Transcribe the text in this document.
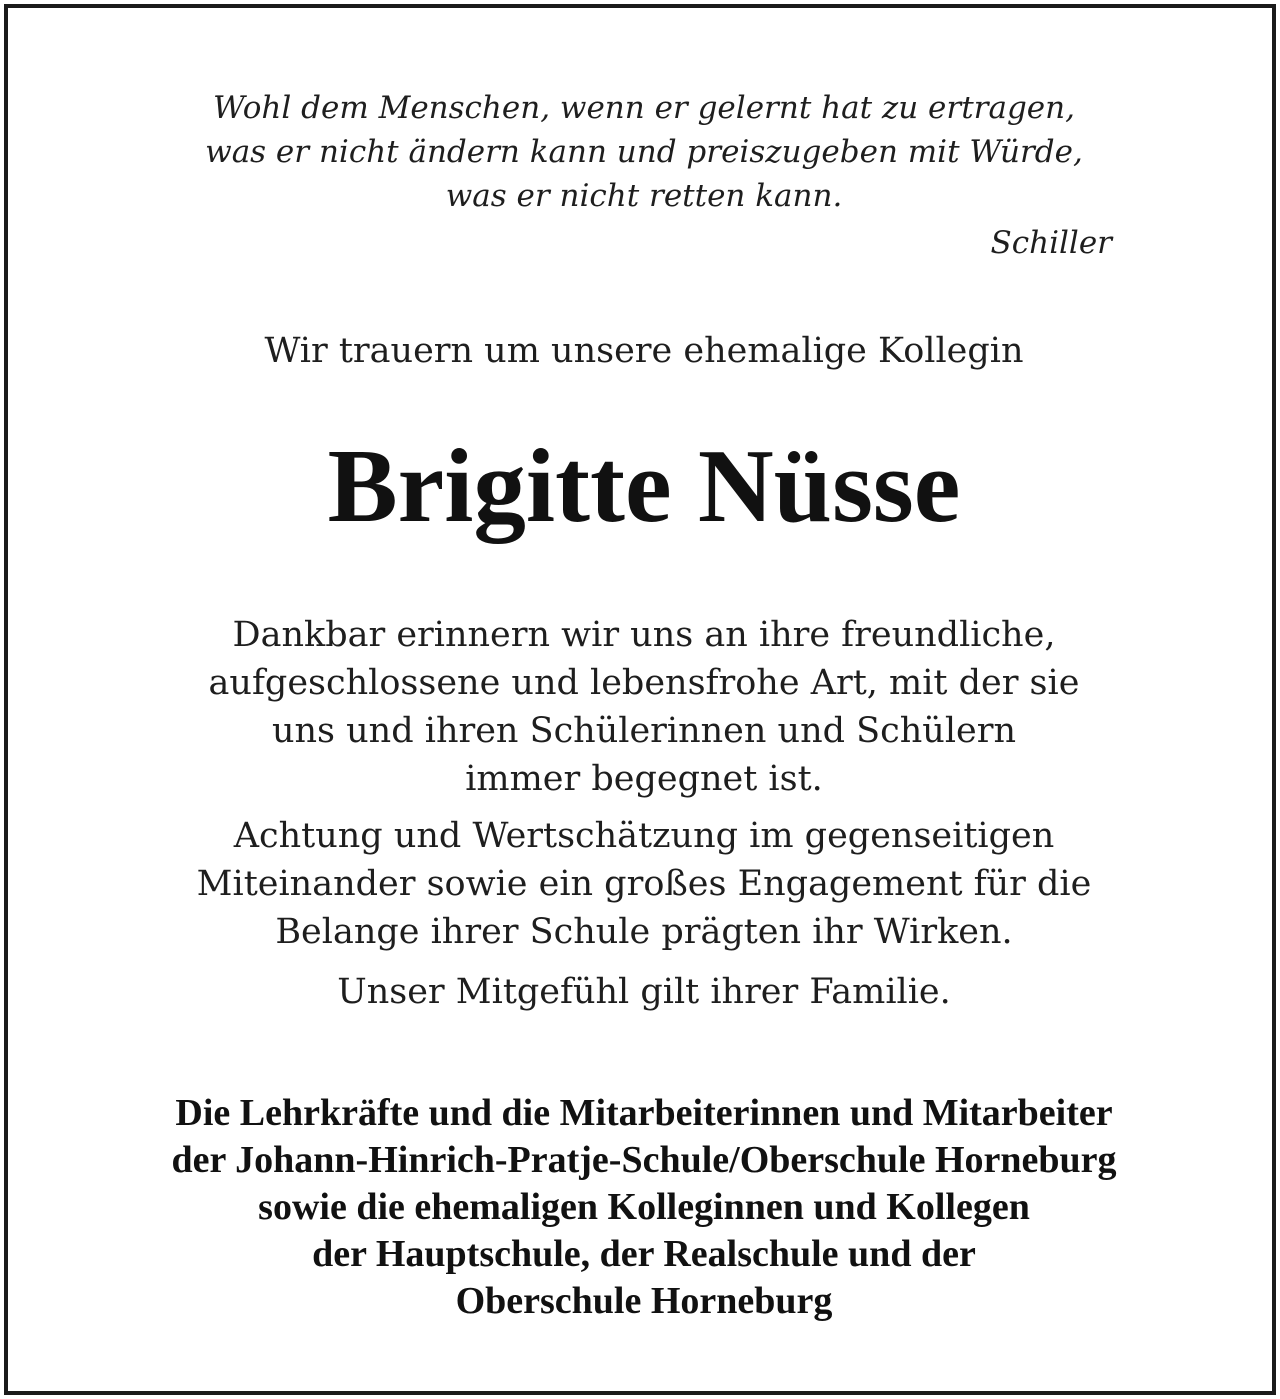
Wohl dem Menschen, wenn er gelernt hat zu ertragen,
was er nicht ändern kann und preiszugeben mit Würde,
was er nicht retten kann.
Schiller
Wir trauern um unsere ehemalige Kollegin
Brigitte Nüsse
Dankbar erinnern wir uns an ihre freundliche,
aufgeschlossene und lebensfrohe Art, mit der sie
uns und ihren Schülerinnen und Schülern
immer begegnet ist.
Achtung und Wertschätzung im gegenseitigen
Miteinander sowie ein großes Engagement für die
Belange ihrer Schule prägten ihr Wirken.
Unser Mitgefühl gilt ihrer Familie.
Die Lehrkräfte und die Mitarbeiterinnen und Mitarbeiter
der Johann-Hinrich-Pratje-Schule/Oberschule Horneburg
sowie die ehemaligen Kolleginnen und Kollegen
der Hauptschule, der Realschule und der
Oberschule Horneburg
